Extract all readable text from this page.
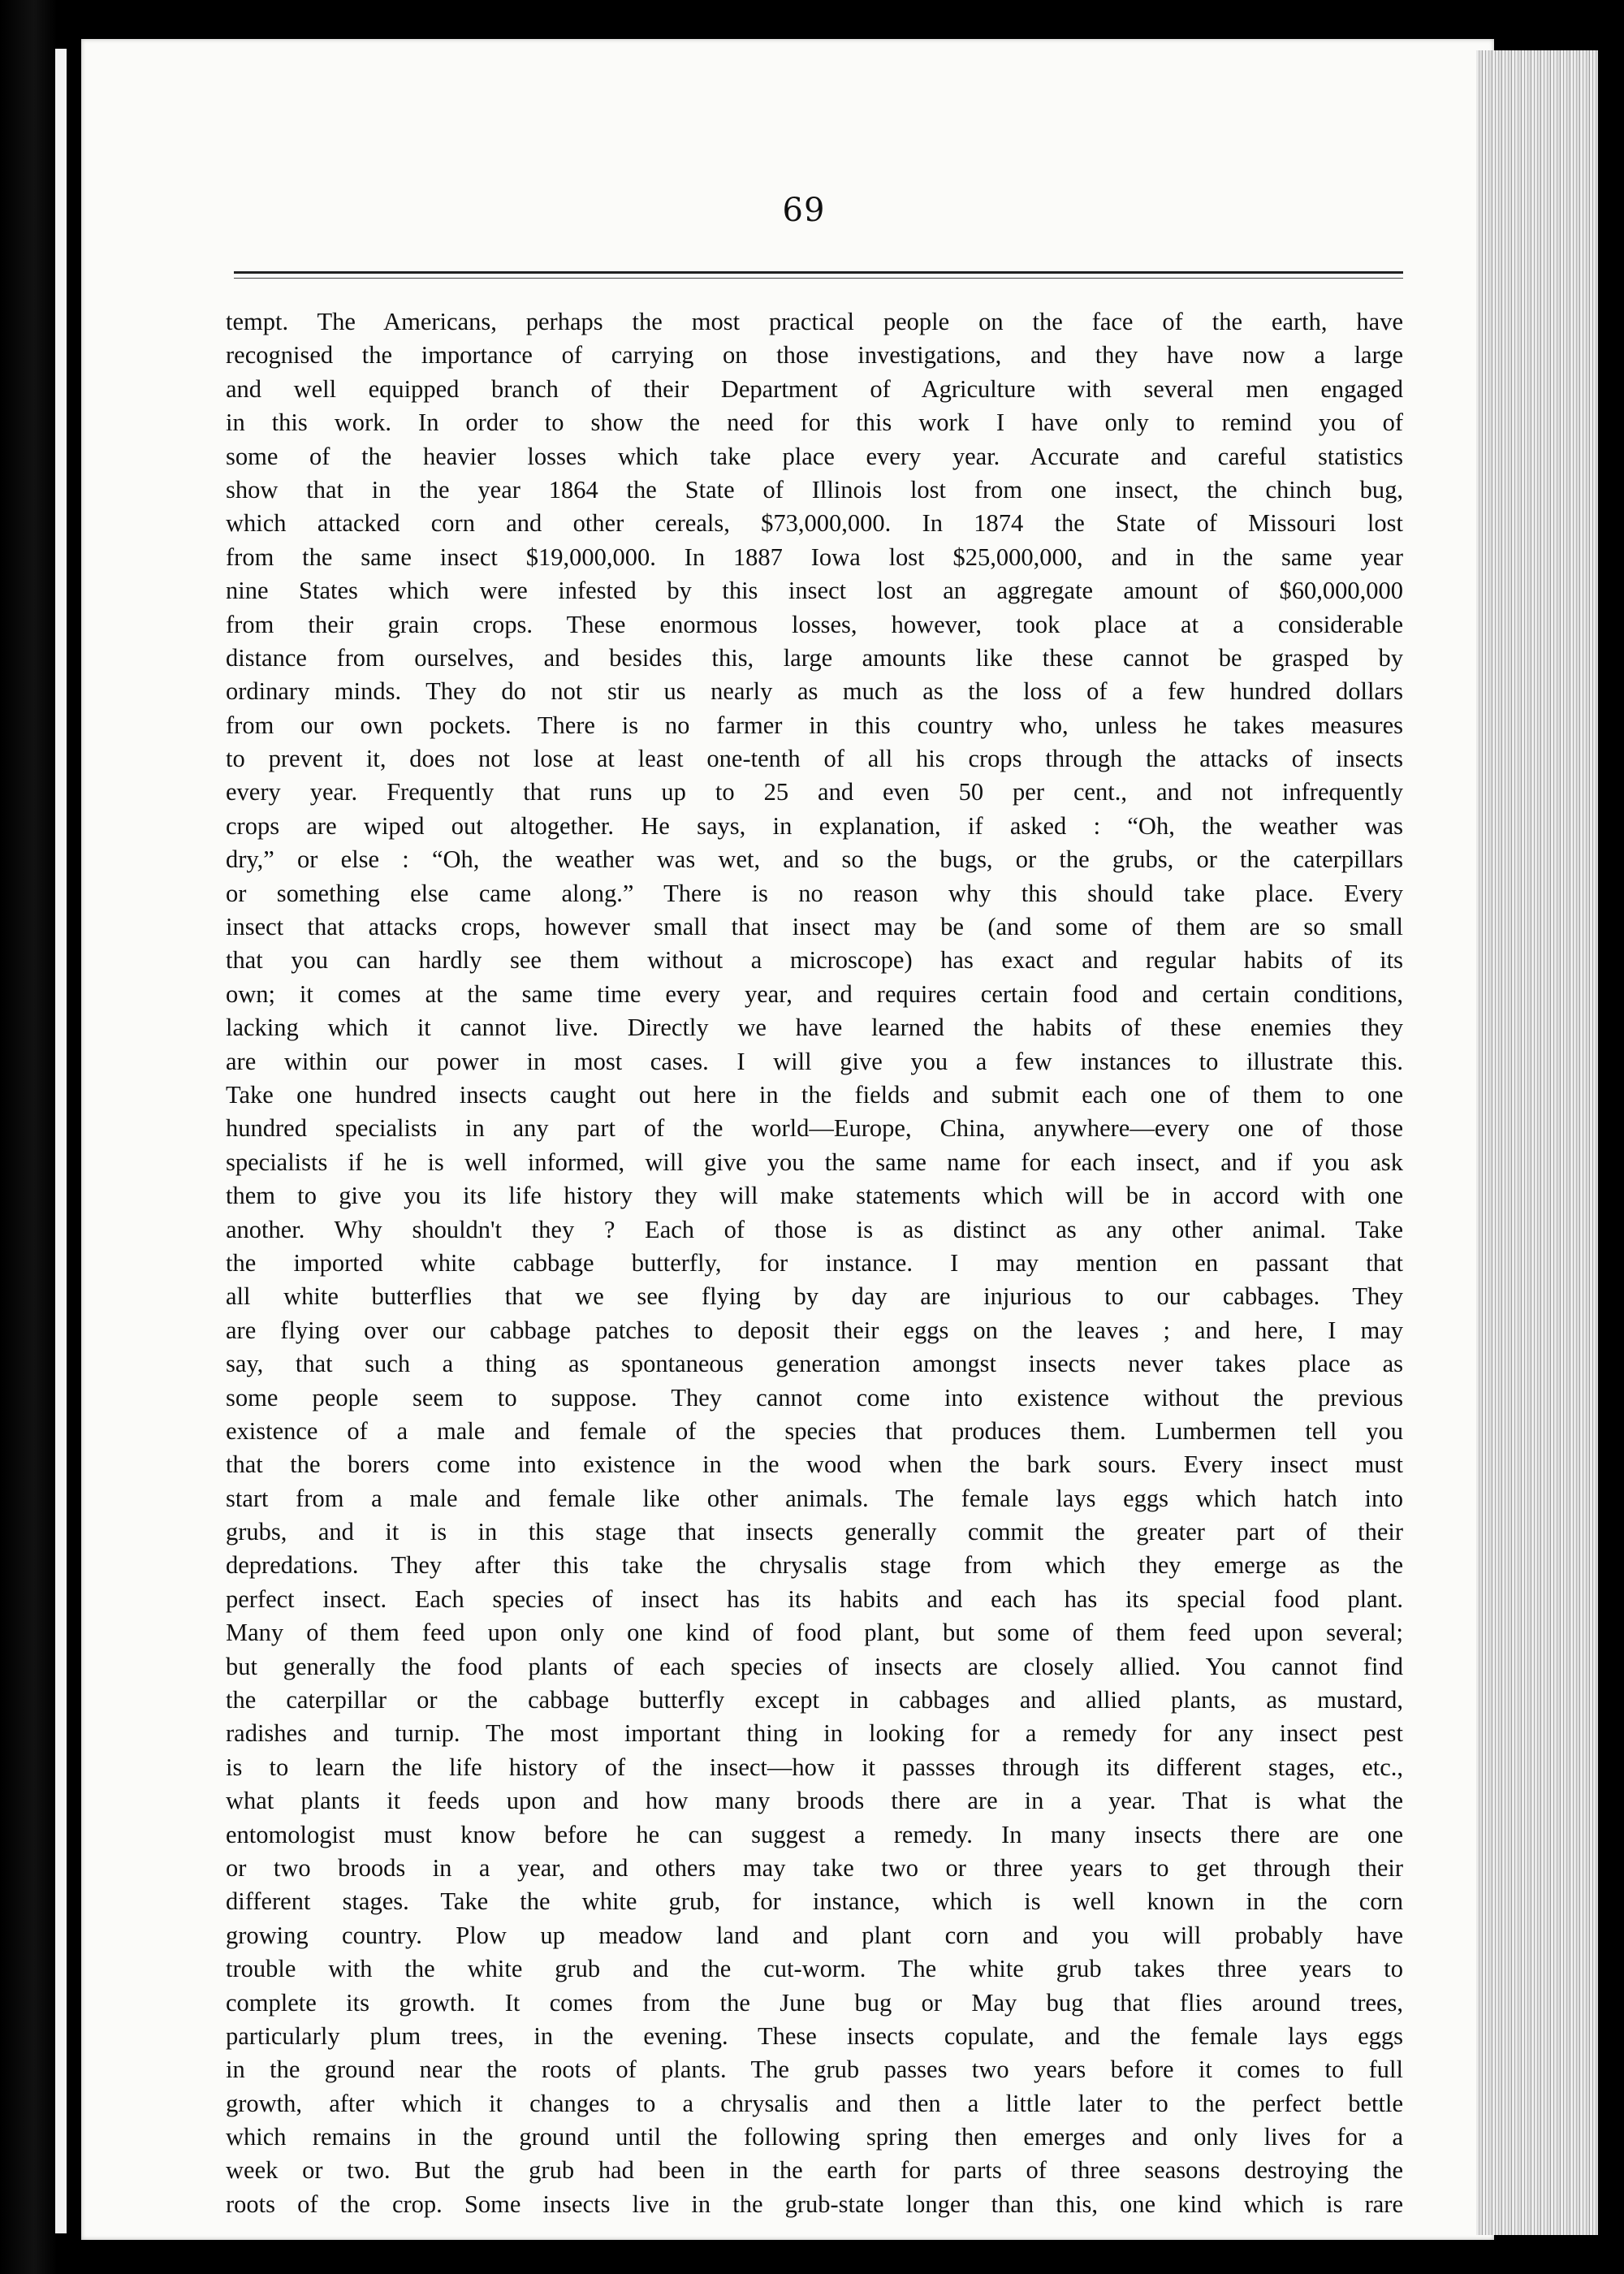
69
tempt. The Americans, perhaps the most practical people on the face of the earth, have
recognised the importance of carrying on those investigations, and they have now a large
and well equipped branch of their Department of Agriculture with several men engaged
in this work. In order to show the need for this work I have only to remind you of
some of the heavier losses which take place every year. Accurate and careful statistics
show that in the year 1864 the State of Illinois lost from one insect, the chinch bug,
which attacked corn and other cereals, $73,000,000. In 1874 the State of Missouri lost
from the same insect $19,000,000. In 1887 Iowa lost $25,000,000, and in the same year
nine States which were infested by this insect lost an aggregate amount of $60,000,000
from their grain crops. These enormous losses, however, took place at a considerable
distance from ourselves, and besides this, large amounts like these cannot be grasped by
ordinary minds. They do not stir us nearly as much as the loss of a few hundred dollars
from our own pockets. There is no farmer in this country who, unless he takes measures
to prevent it, does not lose at least one-tenth of all his crops through the attacks of insects
every year. Frequently that runs up to 25 and even 50 per cent., and not infrequently
crops are wiped out altogether. He says, in explanation, if asked : “Oh, the weather was
dry,” or else : “Oh, the weather was wet, and so the bugs, or the grubs, or the caterpillars
or something else came along.” There is no reason why this should take place. Every
insect that attacks crops, however small that insect may be (and some of them are so small
that you can hardly see them without a microscope) has exact and regular habits of its
own; it comes at the same time every year, and requires certain food and certain conditions,
lacking which it cannot live. Directly we have learned the habits of these enemies they
are within our power in most cases. I will give you a few instances to illustrate this.
Take one hundred insects caught out here in the fields and submit each one of them to one
hundred specialists in any part of the world—Europe, China, anywhere—every one of those
specialists if he is well informed, will give you the same name for each insect, and if you ask
them to give you its life history they will make statements which will be in accord with one
another. Why shouldn't they ? Each of those is as distinct as any other animal. Take
the imported white cabbage butterfly, for instance. I may mention en passant that
all white butterflies that we see flying by day are injurious to our cabbages. They
are flying over our cabbage patches to deposit their eggs on the leaves ; and here, I may
say, that such a thing as spontaneous generation amongst insects never takes place as
some people seem to suppose. They cannot come into existence without the previous
existence of a male and female of the species that produces them. Lumbermen tell you
that the borers come into existence in the wood when the bark sours. Every insect must
start from a male and female like other animals. The female lays eggs which hatch into
grubs, and it is in this stage that insects generally commit the greater part of their
depredations. They after this take the chrysalis stage from which they emerge as the
perfect insect. Each species of insect has its habits and each has its special food plant.
Many of them feed upon only one kind of food plant, but some of them feed upon several;
but generally the food plants of each species of insects are closely allied. You cannot find
the caterpillar or the cabbage butterfly except in cabbages and allied plants, as mustard,
radishes and turnip. The most important thing in looking for a remedy for any insect pest
is to learn the life history of the insect—how it passses through its different stages, etc.,
what plants it feeds upon and how many broods there are in a year. That is what the
entomologist must know before he can suggest a remedy. In many insects there are one
or two broods in a year, and others may take two or three years to get through their
different stages. Take the white grub, for instance, which is well known in the corn
growing country. Plow up meadow land and plant corn and you will probably have
trouble with the white grub and the cut-worm. The white grub takes three years to
complete its growth. It comes from the June bug or May bug that flies around trees,
particularly plum trees, in the evening. These insects copulate, and the female lays eggs
in the ground near the roots of plants. The grub passes two years before it comes to full
growth, after which it changes to a chrysalis and then a little later to the perfect bettle
which remains in the ground until the following spring then emerges and only lives for a
week or two. But the grub had been in the earth for parts of three seasons destroying the
roots of the crop. Some insects live in the grub-state longer than this, one kind which is rare
